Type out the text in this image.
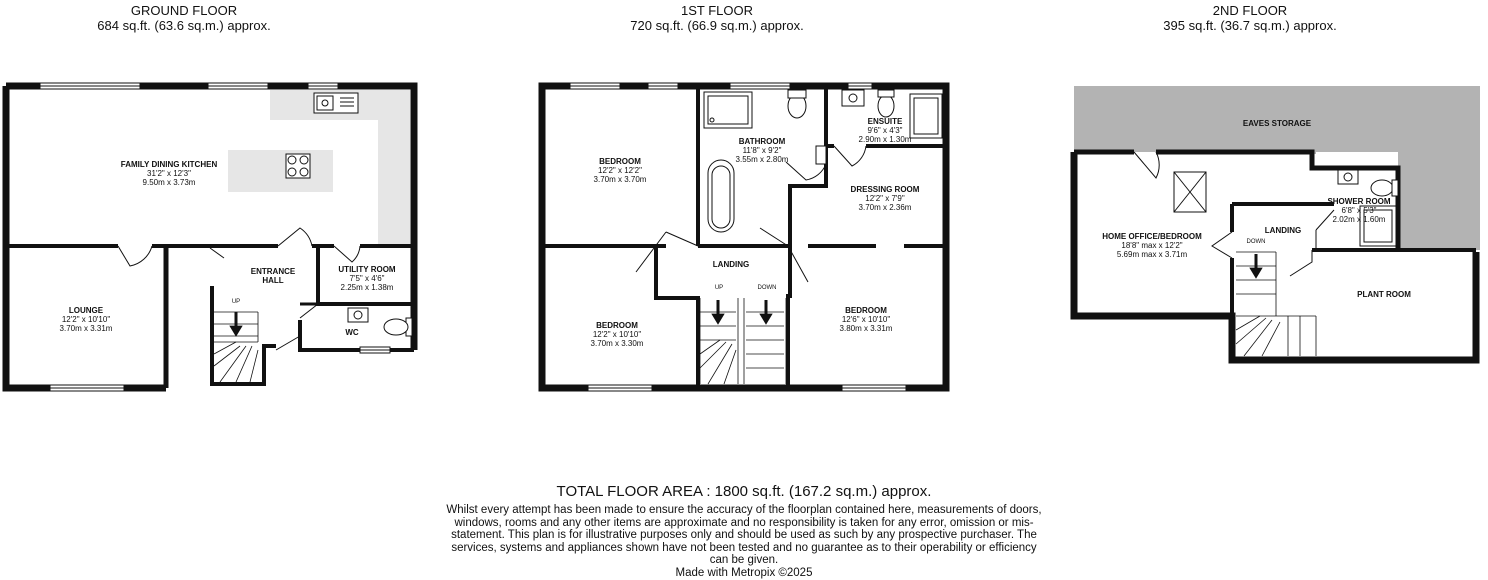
GROUND FLOOR
684 sq.ft. (63.6 sq.m.) approx.
1ST FLOOR
720 sq.ft. (66.9 sq.m.) approx.
2ND FLOOR
395 sq.ft. (36.7 sq.m.) approx.
FAMILY DINING KITCHEN
31'2" x 12'3"
9.50m x 3.73m
LOUNGE
12'2" x 10'10"
3.70m x 3.31m
ENTRANCE
HALL
UTILITY ROOM
7'5" x 4'6"
2.25m x 1.38m
WC
UP
BEDROOM
12'2" x 12'2"
3.70m x 3.70m
BATHROOM
11'8" x 9'2"
3.55m x 2.80m
ENSUITE
9'6" x 4'3"
2.90m x 1.30m
DRESSING ROOM
12'2" x 7'9"
3.70m x 2.36m
LANDING
UP	DOWN
BEDROOM
12'2" x 10'10"
3.70m x 3.30m
BEDROOM
12'6" x 10'10"
3.80m x 3.31m
EAVES STORAGE
HOME OFFICE/BEDROOM
18'8" max x 12'2"
5.69m max x 3.71m
LANDING
DOWN
SHOWER ROOM
6'8" x 5'3"
2.02m x 1.60m
PLANT ROOM
TOTAL FLOOR AREA : 1800 sq.ft. (167.2 sq.m.) approx.
Whilst every attempt has been made to ensure the accuracy of the floorplan contained here, measurements of doors, windows, rooms and any other items are approximate and no responsibility is taken for any error, omission or mis-statement. This plan is for illustrative purposes only and should be used as such by any prospective purchaser. The services, systems and appliances shown have not been tested and no guarantee as to their operability or efficiency can be given.
Made with Metropix ©2025
